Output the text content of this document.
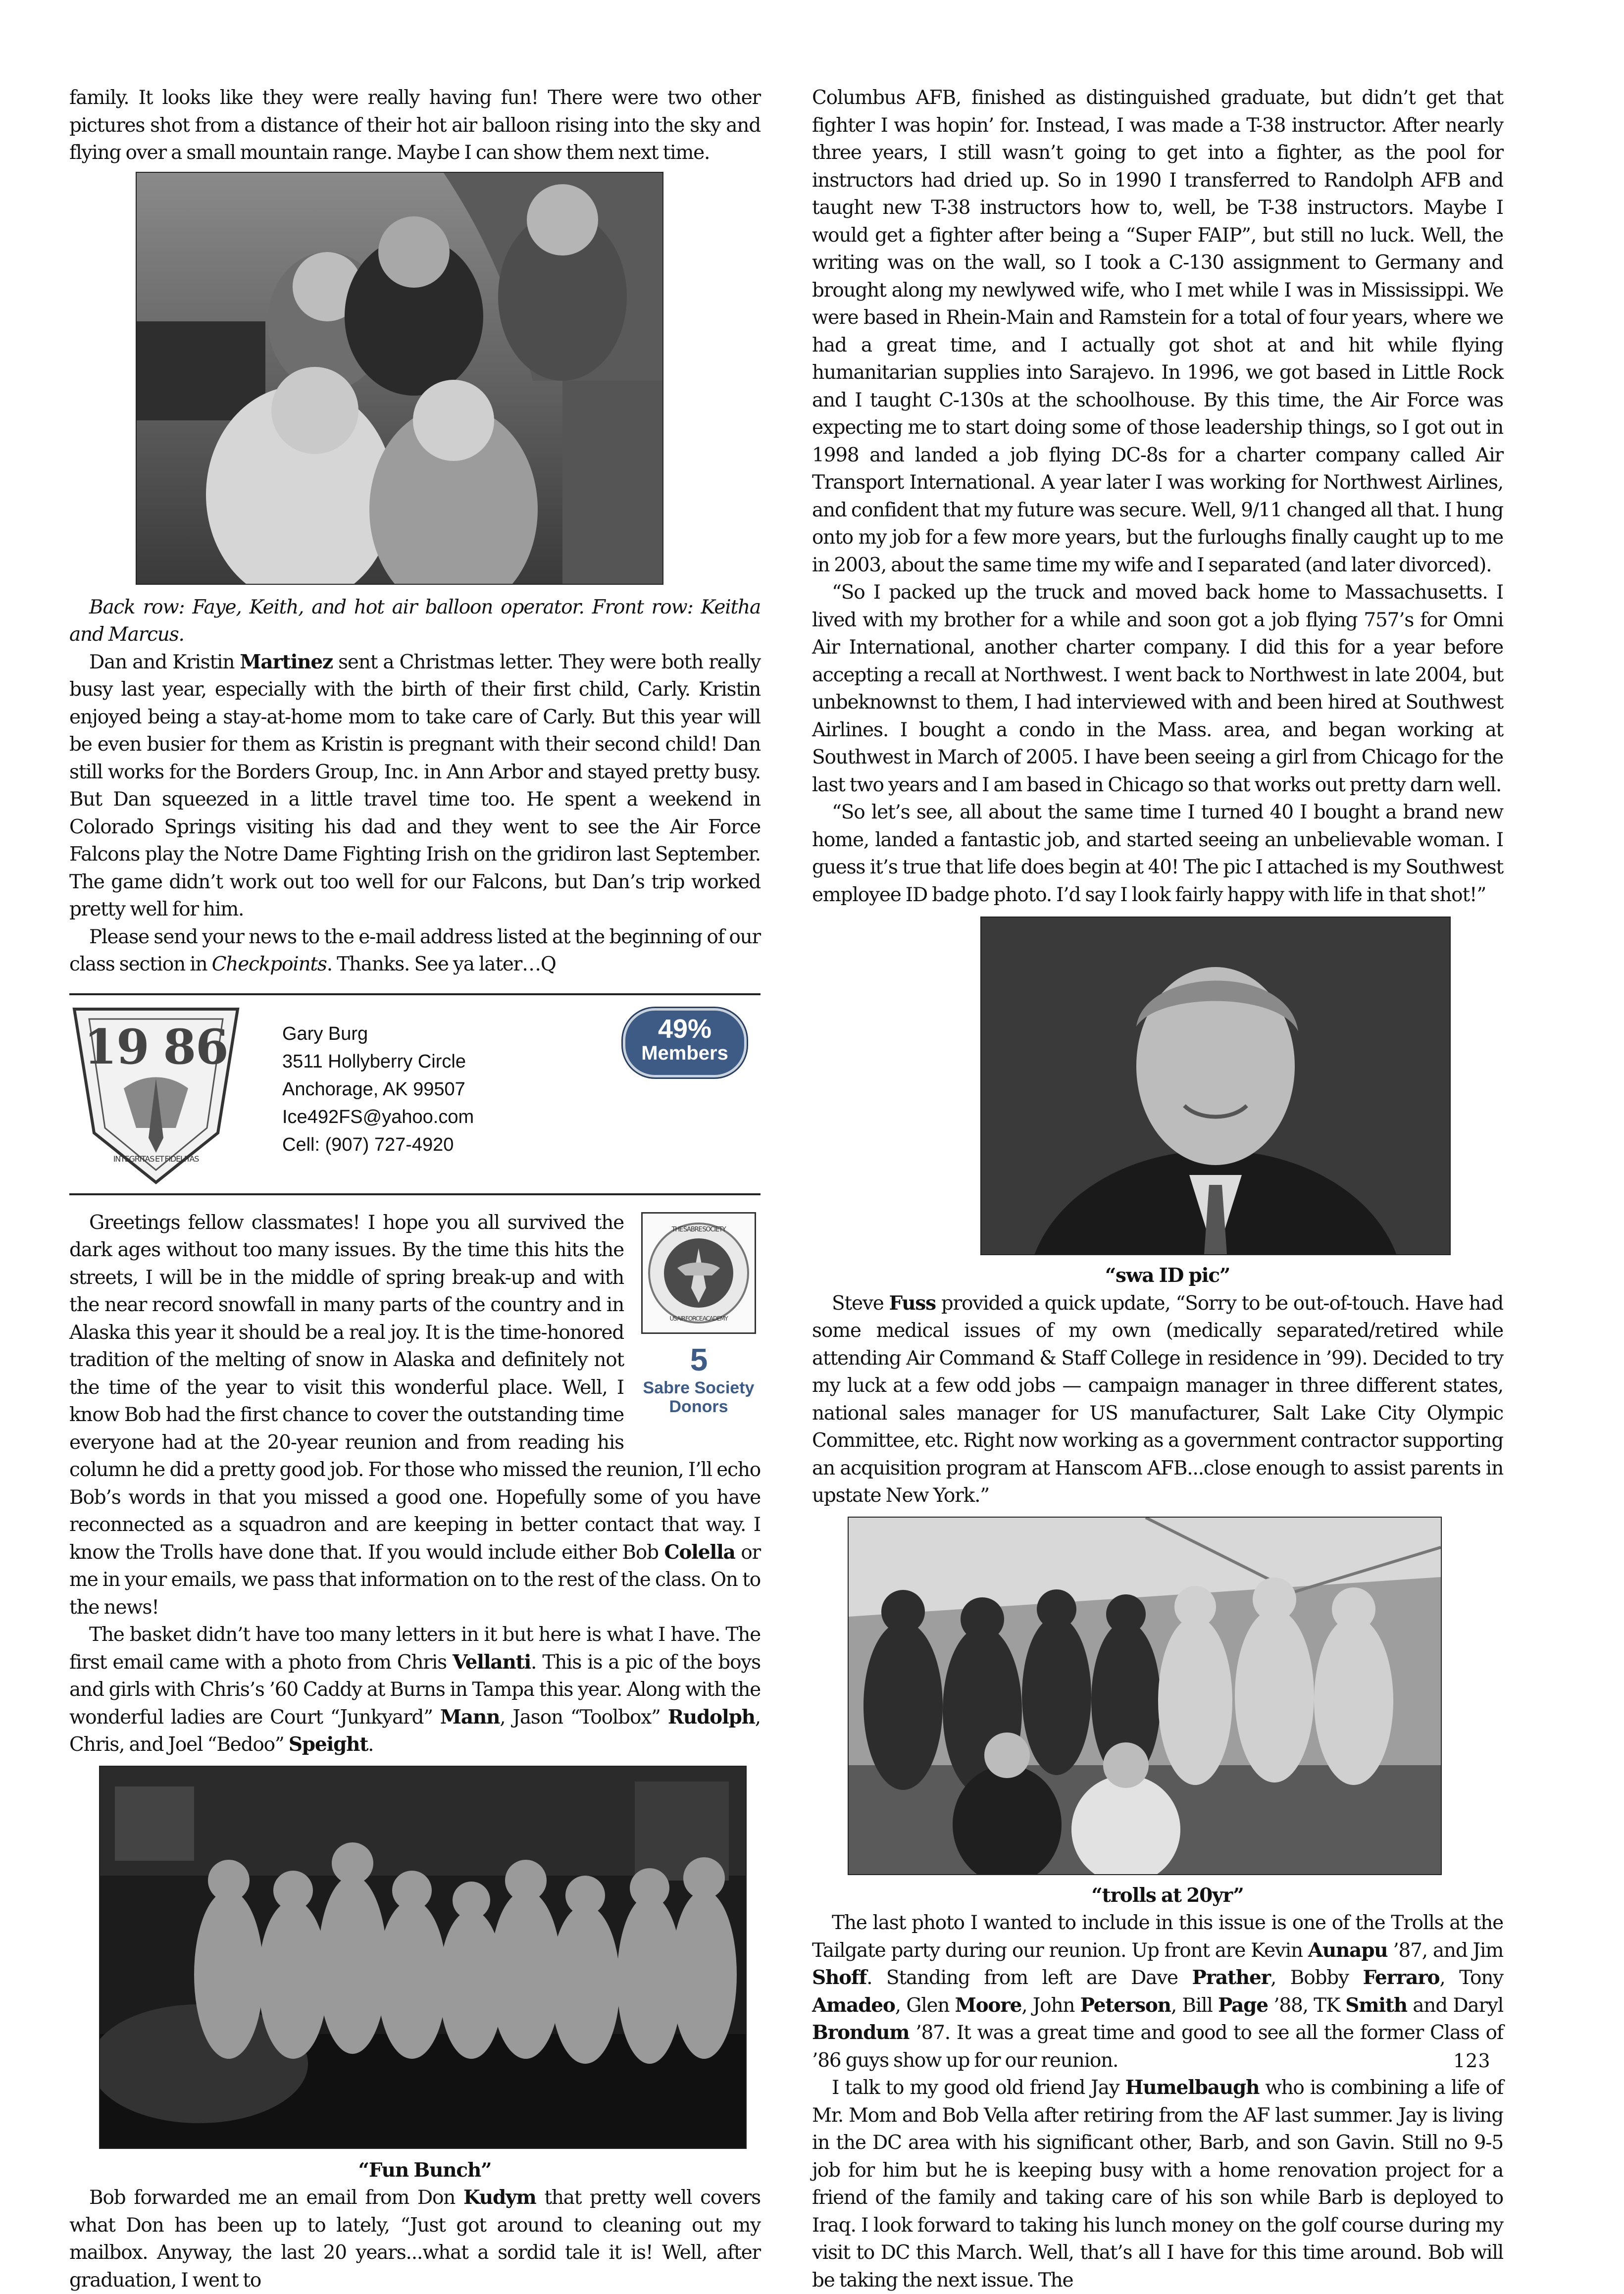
family. It looks like they were really having fun! There were two other pictures shot from a distance of their hot air balloon rising into the sky and flying over a small mountain range. Maybe I can show them next time.

Back row: Faye, Keith, and hot air balloon operator. Front row: Keitha and Marcus.

Dan and Kristin Martinez sent a Christmas letter. They were both really busy last year, especially with the birth of their first child, Carly. Kristin enjoyed being a stay-at-home mom to take care of Carly. But this year will be even busier for them as Kristin is pregnant with their second child! Dan still works for the Borders Group, Inc. in Ann Arbor and stayed pretty busy. But Dan squeezed in a little travel time too. He spent a weekend in Colorado Springs visiting his dad and they went to see the Air Force Falcons play the Notre Dame Fighting Irish on the gridiron last September. The game didn’t work out too well for our Falcons, but Dan’s trip worked pretty well for him.

Please send your news to the e-mail address listed at the beginning of our class section in Checkpoints. Thanks. See ya later…Q

19 86
INTEGRITAS ET FIDELITAS
Gary Burg
3511 Hollyberry Circle
Anchorage, AK 99507
Ice492FS@yahoo.com
Cell: (907) 727-4920
49%
Members
THE SABRE SOCIETY
US AIR FORCE ACADEMY
5
Sabre Society
Donors

Greetings fellow classmates! I hope you all survived the dark ages without too many issues. By the time this hits the streets, I will be in the middle of spring break-up and with the near record snowfall in many parts of the country and in Alaska this year it should be a real joy. It is the time-honored tradition of the melting of snow in Alaska and definitely not the time of the year to visit this wonderful place. Well, I know Bob had the first chance to cover the outstanding time everyone had at the 20-year reunion and from reading his column he did a pretty good job. For those who missed the reunion, I’ll echo Bob’s words in that you missed a good one. Hopefully some of you have reconnected as a squadron and are keeping in better contact that way. I know the Trolls have done that. If you would include either Bob Colella or me in your emails, we pass that information on to the rest of the class. On to the news!

The basket didn’t have too many letters in it but here is what I have. The first email came with a photo from Chris Vellanti. This is a pic of the boys and girls with Chris’s ’60 Caddy at Burns in Tampa this year. Along with the wonderful ladies are Court “Junkyard” Mann, Jason “Toolbox” Rudolph, Chris, and Joel “Bedoo” Speight.

“Fun Bunch”

Bob forwarded me an email from Don Kudym that pretty well covers what Don has been up to lately, “Just got around to cleaning out my mailbox. Anyway, the last 20 years...what a sordid tale it is! Well, after graduation, I went to

Columbus AFB, finished as distinguished graduate, but didn’t get that fighter I was hopin’ for. Instead, I was made a T-38 instructor. After nearly three years, I still wasn’t going to get into a fighter, as the pool for instructors had dried up. So in 1990 I transferred to Randolph AFB and taught new T-38 instructors how to, well, be T-38 instructors. Maybe I would get a fighter after being a “Super FAIP”, but still no luck. Well, the writing was on the wall, so I took a C-130 assignment to Germany and brought along my newlywed wife, who I met while I was in Mississippi. We were based in Rhein-Main and Ramstein for a total of four years, where we had a great time, and I actually got shot at and hit while flying humanitarian supplies into Sarajevo. In 1996, we got based in Little Rock and I taught C-130s at the schoolhouse. By this time, the Air Force was expecting me to start doing some of those leadership things, so I got out in 1998 and landed a job flying DC-8s for a charter company called Air Transport International. A year later I was working for Northwest Airlines, and confident that my future was secure. Well, 9/11 changed all that. I hung onto my job for a few more years, but the furloughs finally caught up to me in 2003, about the same time my wife and I separated (and later divorced).

“So I packed up the truck and moved back home to Massachusetts. I lived with my brother for a while and soon got a job flying 757’s for Omni Air International, another charter company. I did this for a year before accepting a recall at Northwest. I went back to Northwest in late 2004, but unbeknownst to them, I had interviewed with and been hired at Southwest Airlines. I bought a condo in the Mass. area, and began working at Southwest in March of 2005. I have been seeing a girl from Chicago for the last two years and I am based in Chicago so that works out pretty darn well.

“So let’s see, all about the same time I turned 40 I bought a brand new home, landed a fantastic job, and started seeing an unbelievable woman. I guess it’s true that life does begin at 40! The pic I attached is my Southwest employee ID badge photo. I’d say I look fairly happy with life in that shot!”

“swa ID pic”

Steve Fuss provided a quick update, “Sorry to be out-of-touch. Have had some medical issues of my own (medically separated/retired while attending Air Command & Staff College in residence in ’99). Decided to try my luck at a few odd jobs — campaign manager in three different states, national sales manager for US manufacturer, Salt Lake City Olympic Committee, etc. Right now working as a government contractor supporting an acquisition program at Hanscom AFB...close enough to assist parents in upstate New York.”

“trolls at 20yr”

The last photo I wanted to include in this issue is one of the Trolls at the Tailgate party during our reunion. Up front are Kevin Aunapu ’87, and Jim Shoff. Standing from left are Dave Prather, Bobby Ferraro, Tony Amadeo, Glen Moore, John Peterson, Bill Page ’88, TK Smith and Daryl Brondum ’87. It was a great time and good to see all the former Class of ’86 guys show up for our reunion.

I talk to my good old friend Jay Humelbaugh who is combining a life of Mr. Mom and Bob Vella after retiring from the AF last summer. Jay is living in the DC area with his significant other, Barb, and son Gavin. Still no 9-5 job for him but he is keeping busy with a home renovation project for a friend of the family and taking care of his son while Barb is deployed to Iraq. I look forward to taking his lunch money on the golf course during my visit to DC this March. Well, that’s all I have for this time around. Bob will be taking the next issue. The

123
